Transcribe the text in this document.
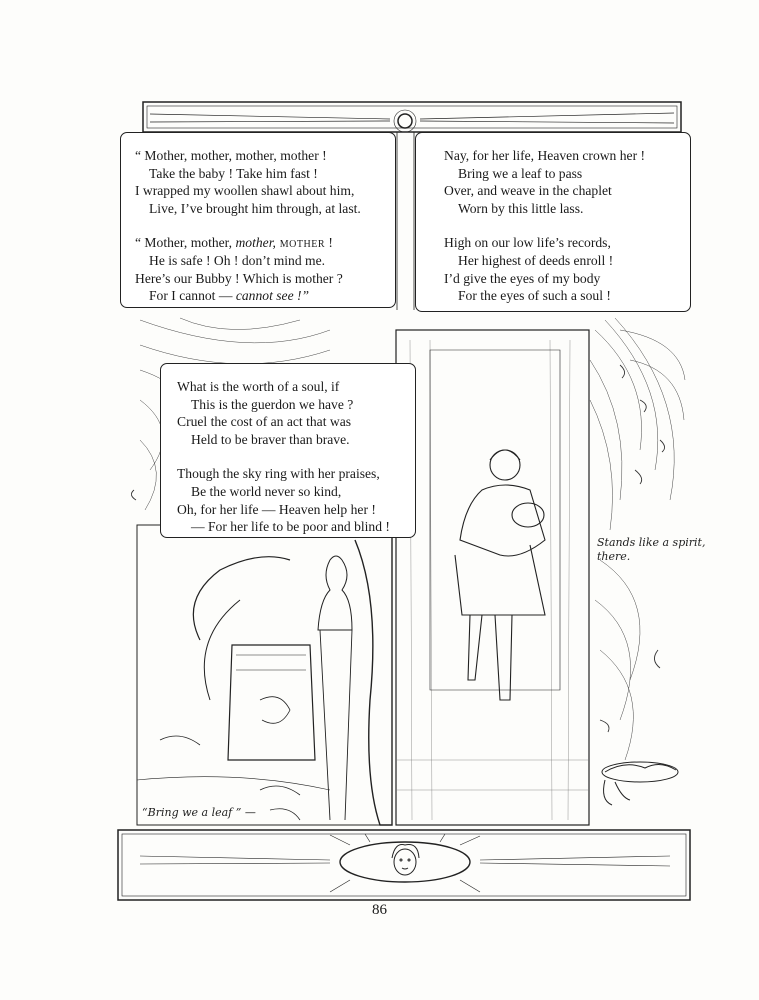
“ Mother, mother, mother, mother !

Take the baby ! Take him fast !

I wrapped my woollen shawl about him,

Live, I’ve brought him through, at last.

“ Mother, mother, mother, mother !

He is safe ! Oh ! don’t mind me.

Here’s our Bubby ! Which is mother ?

For I cannot — cannot see !”

Nay, for her life, Heaven crown her !

Bring we a leaf to pass

Over, and weave in the chaplet

Worn by this little lass.

High on our low life’s records,

Her highest of deeds enroll !

I’d give the eyes of my body

For the eyes of such a soul !

What is the worth of a soul, if

This is the guerdon we have ?

Cruel the cost of an act that was

Held to be braver than brave.

Though the sky ring with her praises,

Be the world never so kind,

Oh, for her life — Heaven help her !

— For her life to be poor and blind !

“Bring we a leaf ” —
Stands like a spirit,
there.
86
